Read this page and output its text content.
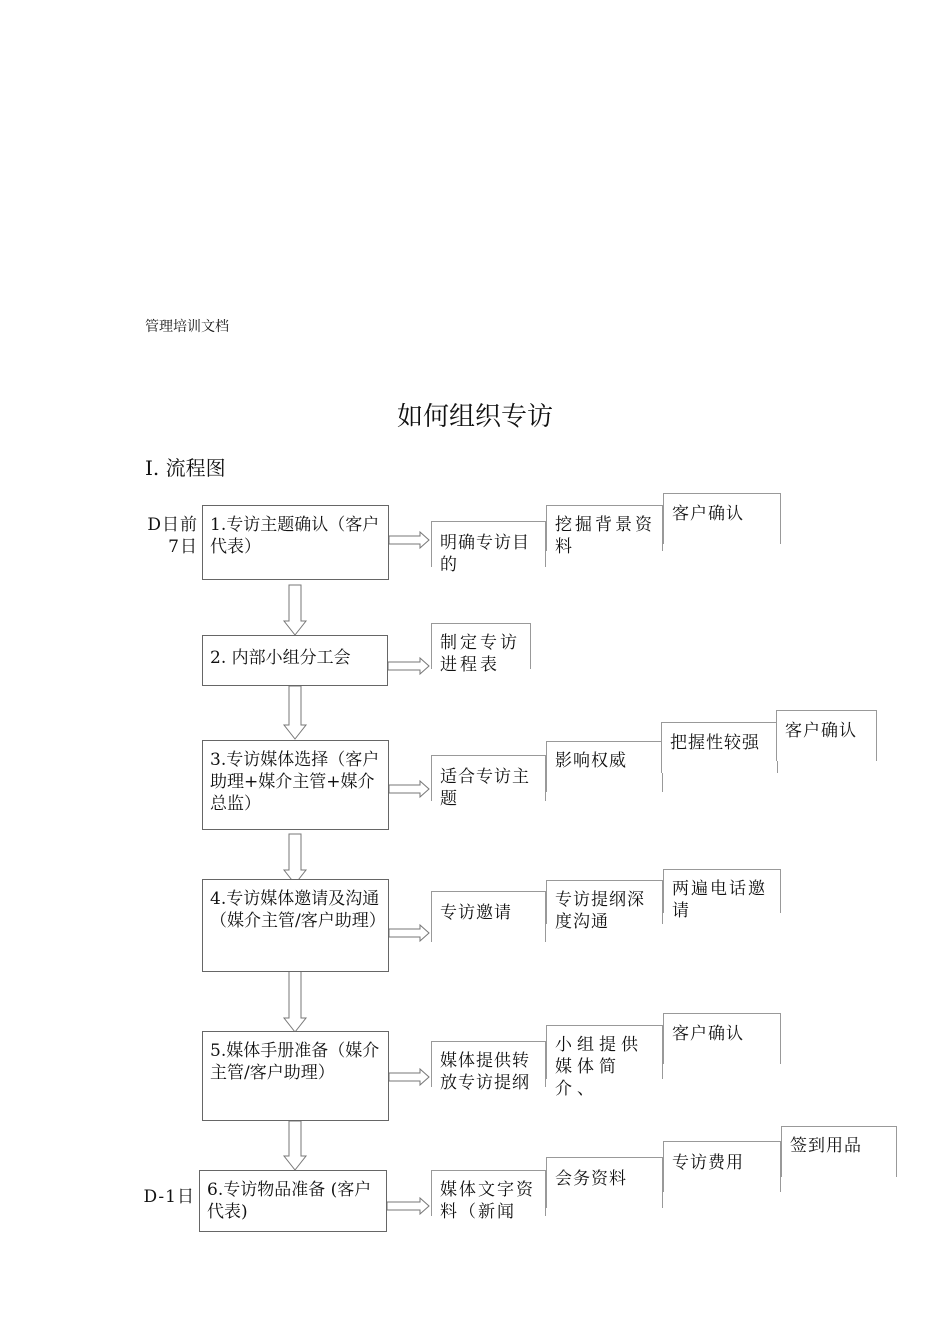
管理培训文档
如何组织专访
I. 流程图
D日前7日
D-1日
1.专访主题确认（客户代表）
2. 内部小组分工会
3.专访媒体选择（客户助理+媒介主管+媒介总监）
4.专访媒体邀请及沟通（媒介主管/客户助理）
5.媒体手册准备（媒介主管/客户助理）
6.专访物品准备 (客户代表)
明确专访目的
挖掘背景资料
客户确认
制定专访进程表
适合专访主题
影响权威
把握性较强
客户确认
专访邀请
专访提纲深度沟通
两遍电话邀请
媒体提供转放专访提纲
小组提供媒体简介、
客户确认
媒体文字资料（新闻
会务资料
专访费用
签到用品
